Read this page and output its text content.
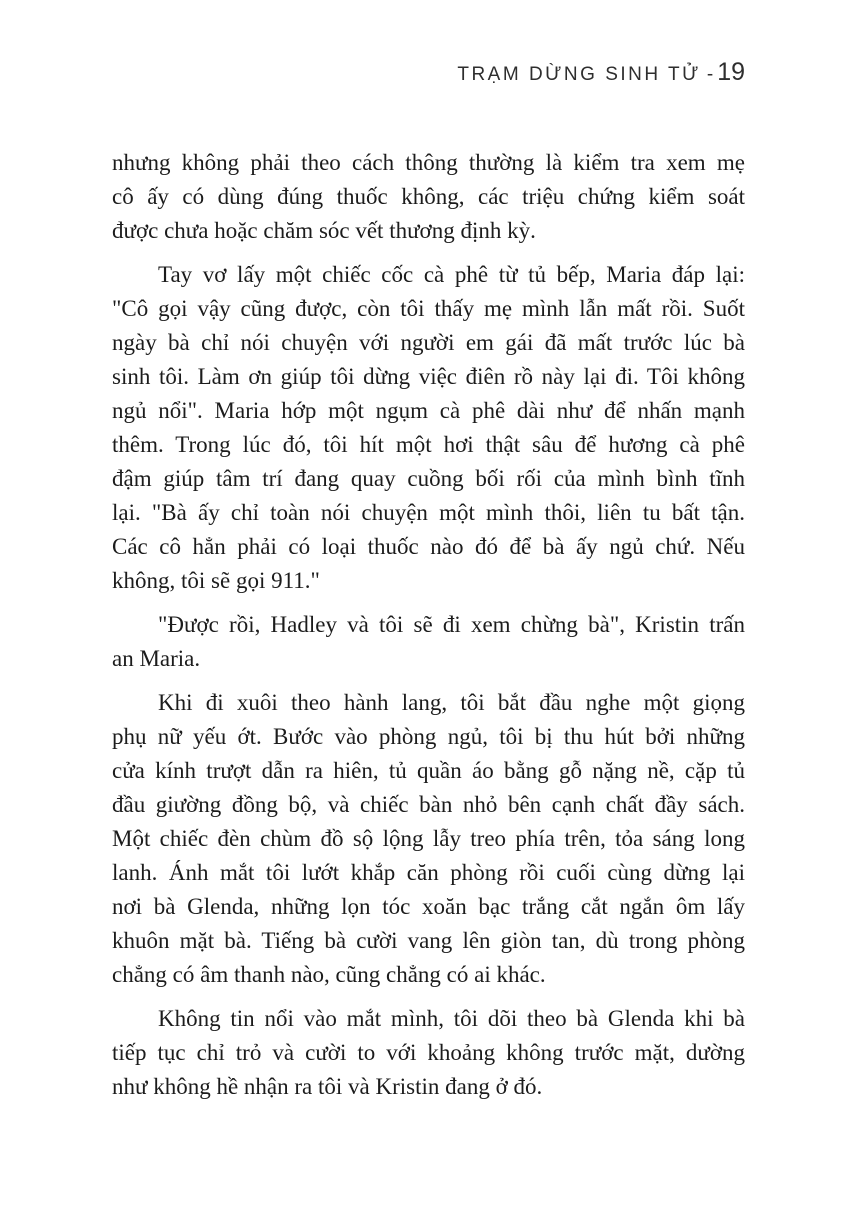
TRẠM DỪNG SINH TỬ - 19
nhưng không phải theo cách thông thường là kiểm tra xem mẹ
cô ấy có dùng đúng thuốc không, các triệu chứng kiểm soát
được chưa hoặc chăm sóc vết thương định kỳ.
Tay vơ lấy một chiếc cốc cà phê từ tủ bếp, Maria đáp lại:
"Cô gọi vậy cũng được, còn tôi thấy mẹ mình lẫn mất rồi. Suốt
ngày bà chỉ nói chuyện với người em gái đã mất trước lúc bà
sinh tôi. Làm ơn giúp tôi dừng việc điên rồ này lại đi. Tôi không
ngủ nổi". Maria hớp một ngụm cà phê dài như để nhấn mạnh
thêm. Trong lúc đó, tôi hít một hơi thật sâu để hương cà phê
đậm giúp tâm trí đang quay cuồng bối rối của mình bình tĩnh
lại. "Bà ấy chỉ toàn nói chuyện một mình thôi, liên tu bất tận.
Các cô hẳn phải có loại thuốc nào đó để bà ấy ngủ chứ. Nếu
không, tôi sẽ gọi 911."
"Được rồi, Hadley và tôi sẽ đi xem chừng bà", Kristin trấn
an Maria.
Khi đi xuôi theo hành lang, tôi bắt đầu nghe một giọng
phụ nữ yếu ớt. Bước vào phòng ngủ, tôi bị thu hút bởi những
cửa kính trượt dẫn ra hiên, tủ quần áo bằng gỗ nặng nề, cặp tủ
đầu giường đồng bộ, và chiếc bàn nhỏ bên cạnh chất đầy sách.
Một chiếc đèn chùm đồ sộ lộng lẫy treo phía trên, tỏa sáng long
lanh. Ánh mắt tôi lướt khắp căn phòng rồi cuối cùng dừng lại
nơi bà Glenda, những lọn tóc xoăn bạc trắng cắt ngắn ôm lấy
khuôn mặt bà. Tiếng bà cười vang lên giòn tan, dù trong phòng
chẳng có âm thanh nào, cũng chẳng có ai khác.
Không tin nổi vào mắt mình, tôi dõi theo bà Glenda khi bà
tiếp tục chỉ trỏ và cười to với khoảng không trước mặt, dường
như không hề nhận ra tôi và Kristin đang ở đó.
